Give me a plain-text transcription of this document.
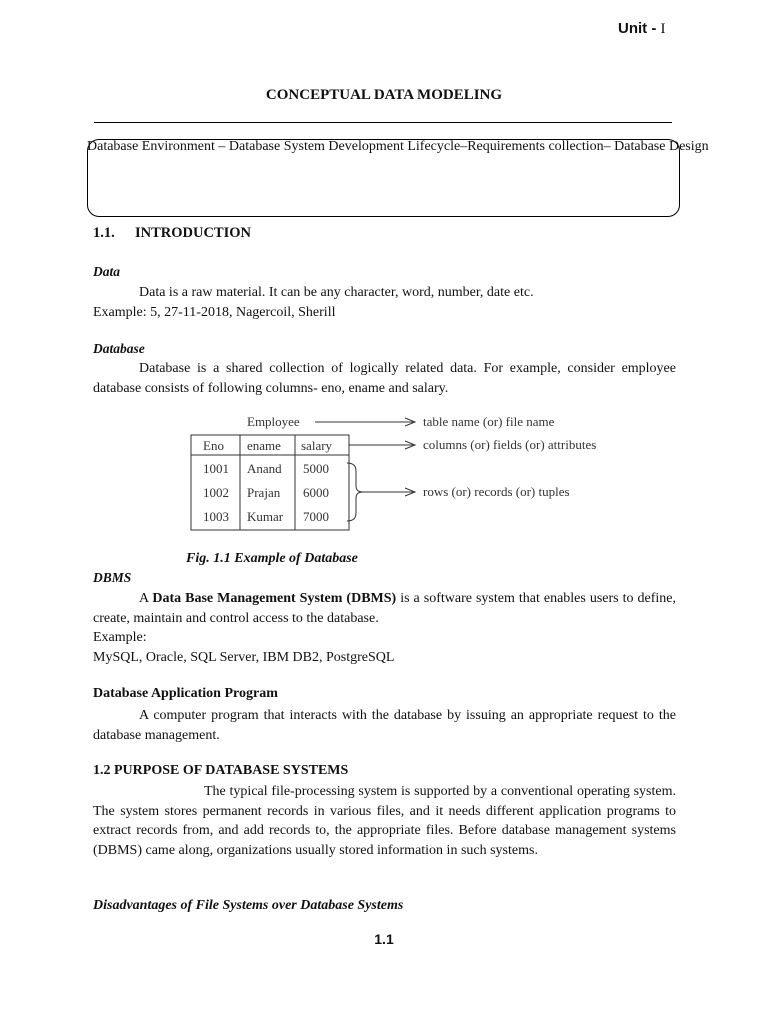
Unit - I
CONCEPTUAL DATA MODELING
Database Environment – Database System Development Lifecycle–Requirements collection– Database Design
1.1. INTRODUCTION
Data
Data is a raw material. It can be any character, word, number, date etc.
Example: 5, 27-11-2018, Nagercoil, Sherill
Database
Database is a shared collection of logically related data. For example, consider employee database consists of following columns- eno, ename and salary.
Employee	table name (or) file name
Eno ename salary
1001 Anand 5000
1002 Prajan 6000
1003 Kumar 7000
columns (or) fields (or) attributes
rows (or) records (or) tuples
Fig. 1.1 Example of Database
DBMS
A Data Base Management System (DBMS) is a software system that enables users to define, create, maintain and control access to the database.
Example:
MySQL, Oracle, SQL Server, IBM DB2, PostgreSQL
Database Application Program
A computer program that interacts with the database by issuing an appropriate request to the database management.
1.2 PURPOSE OF DATABASE SYSTEMS
The typical file-processing system is supported by a conventional operating system. The system stores permanent records in various files, and it needs different application programs to extract records from, and add records to, the appropriate files. Before database management systems (DBMS) came along, organizations usually stored information in such systems.
Disadvantages of File Systems over Database Systems
1.1
